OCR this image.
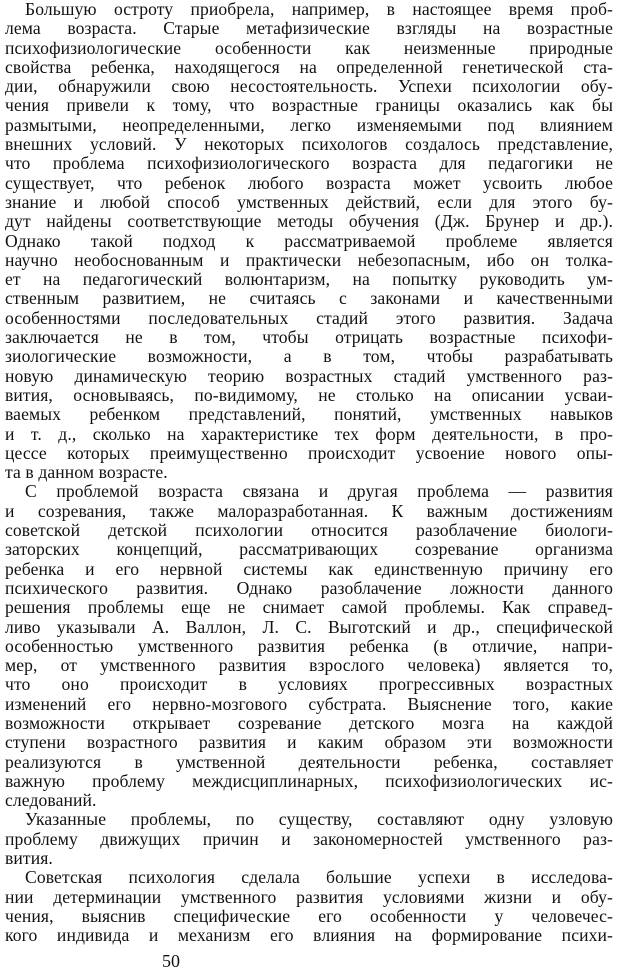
Большую остроту приобрела, например, в настоящее время проб-
лема возраста. Старые метафизические взгляды на возрастные
психофизиологические особенности как неизменные природные
свойства ребенка, находящегося на определенной генетической ста-
дии, обнаружили свою несостоятельность. Успехи психологии обу-
чения привели к тому, что возрастные границы оказались как бы
размытыми, неопределенными, легко изменяемыми под влиянием
внешних условий. У некоторых психологов создалось представление,
что проблема психофизиологического возраста для педагогики не
существует, что ребенок любого возраста может усвоить любое
знание и любой способ умственных действий, если для этого бу-
дут найдены соответствующие методы обучения (Дж. Брунер и др.).
Однако такой подход к рассматриваемой проблеме является
научно необоснованным и практически небезопасным, ибо он толка-
ет на педагогический волюнтаризм, на попытку руководить ум-
ственным развитием, не считаясь с законами и качественными
особенностями последовательных стадий этого развития. Задача
заключается не в том, чтобы отрицать возрастные психофи-
зиологические возможности, а в том, чтобы разрабатывать
новую динамическую теорию возрастных стадий умственного раз-
вития, основываясь, по-видимому, не столько на описании усваи-
ваемых ребенком представлений, понятий, умственных навыков
и т. д., сколько на характеристике тех форм деятельности, в про-
цессе которых преимущественно происходит усвоение нового опы-
та в данном возрасте.
С проблемой возраста связана и другая проблема — развития
и созревания, также малоразработанная. К важным достижениям
советской детской психологии относится разоблачение биологи-
заторских концепций, рассматривающих созревание организма
ребенка и его нервной системы как единственную причину его
психического развития. Однако разоблачение ложности данного
решения проблемы еще не снимает самой проблемы. Как справед-
ливо указывали А. Валлон, Л. С. Выготский и др., специфической
особенностью умственного развития ребенка (в отличие, напри-
мер, от умственного развития взрослого человека) является то,
что оно происходит в условиях прогрессивных возрастных
изменений его нервно-мозгового субстрата. Выяснение того, какие
возможности открывает созревание детского мозга на каждой
ступени возрастного развития и каким образом эти возможности
реализуются в умственной деятельности ребенка, составляет
важную проблему междисциплинарных, психофизиологических ис-
следований.
Указанные проблемы, по существу, составляют одну узловую
проблему движущих причин и закономерностей умственного раз-
вития.
Советская психология сделала большие успехи в исследова-
нии детерминации умственного развития условиями жизни и обу-
чения, выяснив специфические его особенности у человечес-
кого индивида и механизм его влияния на формирование психи-
50
